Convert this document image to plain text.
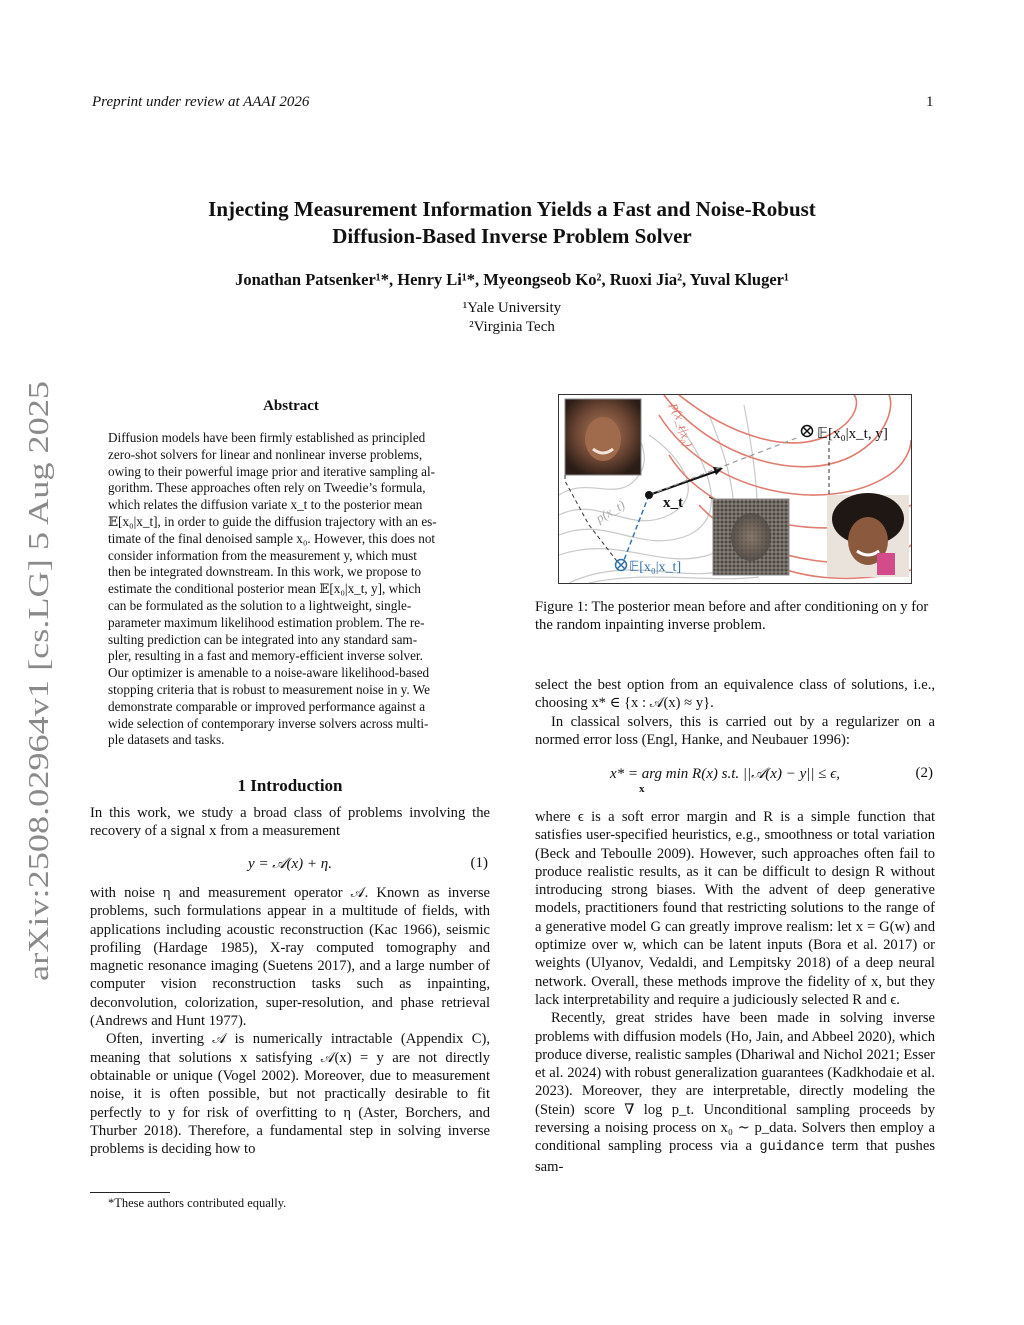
Preprint under review at AAAI 2026	1
arXiv:2508.02964v1 [cs.LG] 5 Aug 2025
Injecting Measurement Information Yields a Fast and Noise-Robust
Diffusion-Based Inverse Problem Solver
Jonathan Patsenker¹*, Henry Li¹*, Myeongseob Ko², Ruoxi Jia², Yuval Kluger¹
¹Yale University
²Virginia Tech
Abstract

Diffusion models have been firmly established as principled

zero-shot solvers for linear and nonlinear inverse problems,

owing to their powerful image prior and iterative sampling al-

gorithm. These approaches often rely on Tweedie’s formula,

which relates the diffusion variate x_t to the posterior mean

𝔼[x₀|x_t], in order to guide the diffusion trajectory with an es-

timate of the final denoised sample x₀. However, this does not

consider information from the measurement y, which must

then be integrated downstream. In this work, we propose to

estimate the conditional posterior mean 𝔼[x₀|x_t, y], which

can be formulated as the solution to a lightweight, single-

parameter maximum likelihood estimation problem. The re-

sulting prediction can be integrated into any standard sam-

pler, resulting in a fast and memory-efficient inverse solver.

Our optimizer is amenable to a noise-aware likelihood-based

stopping criteria that is robust to measurement noise in y. We

demonstrate comparable or improved performance against a

wide selection of contemporary inverse solvers across multi-

ple datasets and tasks.

1 Introduction

In this work, we study a broad class of problems involving the recovery of a signal x from a measurement

y = 𝒜(x) + η.	(1)

with noise η and measurement operator 𝒜. Known as inverse problems, such formulations appear in a multitude of fields, with applications including acoustic reconstruction (Kac 1966), seismic profiling (Hardage 1985), X-ray computed tomography and magnetic resonance imaging (Suetens 2017), and a large number of computer vision reconstruction tasks such as inpainting, deconvolution, colorization, super-resolution, and phase retrieval (Andrews and Hunt 1977).

Often, inverting 𝒜 is numerically intractable (Appendix C), meaning that solutions x satisfying 𝒜(x) = y are not directly obtainable or unique (Vogel 2002). Moreover, due to measurement noise, it is often possible, but not practically desirable to fit perfectly to y for risk of overfitting to η (Aster, Borchers, and Thurber 2018). Therefore, a fundamental step in solving inverse problems is deciding how to

*These authors contributed equally.
𝔼[x₀|x_t, y]
𝔼[x₀|x_t]
x_t
p(x_t|x₀)
p(x_t)
Figure 1: The posterior mean before and after conditioning on y for the random inpainting inverse problem.

select the best option from an equivalence class of solutions, i.e., choosing x* ∈ {x : 𝒜(x) ≈ y}.

In classical solvers, this is carried out by a regularizer on a normed error loss (Engl, Hanke, and Neubauer 1996):

x* = arg min R(x) s.t. ||𝒜(x) − y|| ≤ ϵ,
x
(2)

where ϵ is a soft error margin and R is a simple function that satisfies user-specified heuristics, e.g., smoothness or total variation (Beck and Teboulle 2009). However, such approaches often fail to produce realistic results, as it can be difficult to design R without introducing strong biases. With the advent of deep generative models, practitioners found that restricting solutions to the range of a generative model G can greatly improve realism: let x = G(w) and optimize over w, which can be latent inputs (Bora et al. 2017) or weights (Ulyanov, Vedaldi, and Lempitsky 2018) of a deep neural network. Overall, these methods improve the fidelity of x, but they lack interpretability and require a judiciously selected R and ϵ.

Recently, great strides have been made in solving inverse problems with diffusion models (Ho, Jain, and Abbeel 2020), which produce diverse, realistic samples (Dhariwal and Nichol 2021; Esser et al. 2024) with robust generalization guarantees (Kadkhodaie et al. 2023). Moreover, they are interpretable, directly modeling the (Stein) score ∇ log p_t. Unconditional sampling proceeds by reversing a noising process on x₀ ∼ p_data. Solvers then employ a conditional sampling process via a guidance term that pushes sam-
